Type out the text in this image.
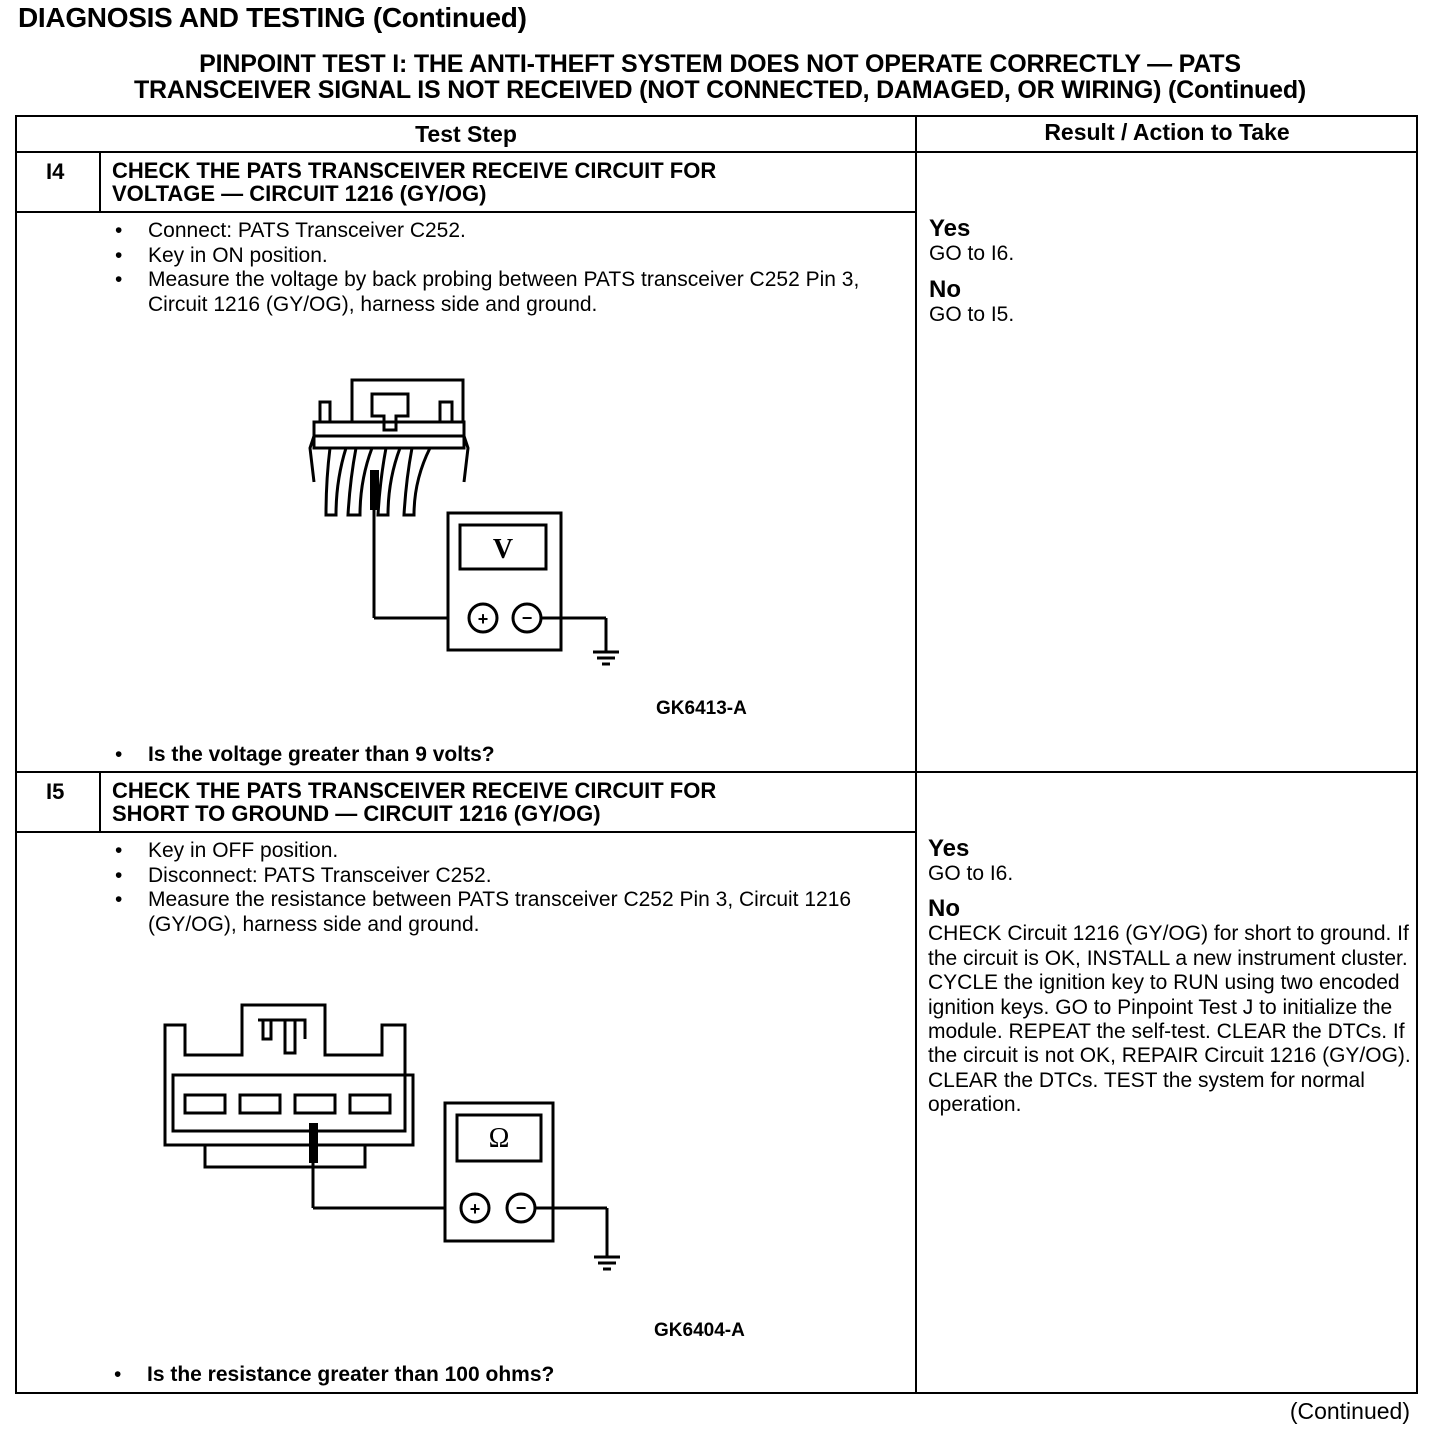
DIAGNOSIS AND TESTING (Continued)
PINPOINT TEST I: THE ANTI-THEFT SYSTEM DOES NOT OPERATE CORRECTLY — PATS
TRANSCEIVER SIGNAL IS NOT RECEIVED (NOT CONNECTED, DAMAGED, OR WIRING) (Continued)
Test Step	Result / Action to Take
I4 CHECK THE PATS TRANSCEIVER RECEIVE CIRCUIT FOR
VOLTAGE — CIRCUIT 1216 (GY/OG)
• Connect: PATS Transceiver C252.
• Key in ON position.
• Measure the voltage by back probing between PATS transceiver C252 Pin 3, Circuit 1216 (GY/OG), harness side and ground.
V
+ −
GK6413-A
• Is the voltage greater than 9 volts?
Yes
GO to I6.
No
GO to I5.
I5 CHECK THE PATS TRANSCEIVER RECEIVE CIRCUIT FOR
SHORT TO GROUND — CIRCUIT 1216 (GY/OG)
• Key in OFF position.
• Disconnect: PATS Transceiver C252.
• Measure the resistance between PATS transceiver C252 Pin 3, Circuit 1216 (GY/OG), harness side and ground.
Ω
+ −
GK6404-A
• Is the resistance greater than 100 ohms?
Yes
GO to I6.
No
CHECK Circuit 1216 (GY/OG) for short to ground. If the circuit is OK, INSTALL a new instrument cluster. CYCLE the ignition key to RUN using two encoded ignition keys. GO to Pinpoint Test J to initialize the module. REPEAT the self-test. CLEAR the DTCs. If the circuit is not OK, REPAIR Circuit 1216 (GY/OG). CLEAR the DTCs. TEST the system for normal operation.
(Continued)
